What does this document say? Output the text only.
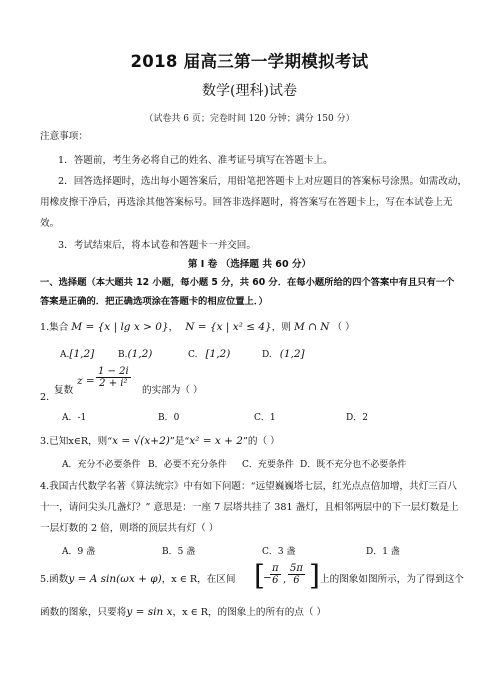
2018 届高三第一学期模拟考试
数学(理科)试卷
（试卷共 6 页；完卷时间 120 分钟；满分 150 分）
注意事项：
1．答题前，考生务必将自己的姓名、准考证号填写在答题卡上。
2．回答选择题时，选出每小题答案后，用铅笔把答题卡上对应题目的答案标号涂黑。如需改动，
用橡皮擦干净后，再选涂其他答案标号。回答非选择题时，将答案写在答题卡上，写在本试卷上无
效。
3．考试结束后，将本试卷和答题卡一并交回。
第 I 卷 （选择题 共 60 分）
一、选择题（本大题共 12 小题，每小题 5 分，共 60 分．在每小题所给的四个答案中有且只有一个
答案是正确的．把正确选项涂在答题卡的相应位置上．）
1.集合 M = {x | lg x > 0}， N = {x | x² ≤ 4}，则 M ∩ N （ ）
A.[1,2]	B.(1,2)	C. [1,2)	D. (1,2]
2.
复数
$z = \frac{1 - 2i}{\text{2 + i²}}$
的实部为（ ）
A．-1	B．0	C．1	D．2
3.已知x∈R，则“x = √(x+2)”是“x² = x + 2”的（ ）
A．充分不必要条件 B．必要不充分条件 C．充要条件 D．既不充分也不必要条件
4.我国古代数学名著《算法统宗》中有如下问题：“远望巍巍塔七层，红光点点倍加增，共灯三百八
十一，请问尖头几盏灯？” 意思是：一座 7 层塔共挂了 381 盏灯，且相邻两层中的下一层灯数是上
一层灯数的 2 倍，则塔的顶层共有灯（ ）
A．9 盏	B．5 盏	C．3 盏	D．1 盏
5.函数y = A sin(ωx + φ)，x ∈ R，在区间 [
−
$\frac{\pi}{6}$ , $\frac{5\pi}{6}$ ] 上的图象如图所示，为了得到这个
函数的图象，只要将y = sin x，x ∈ R，的图象上的所有的点（ ）
